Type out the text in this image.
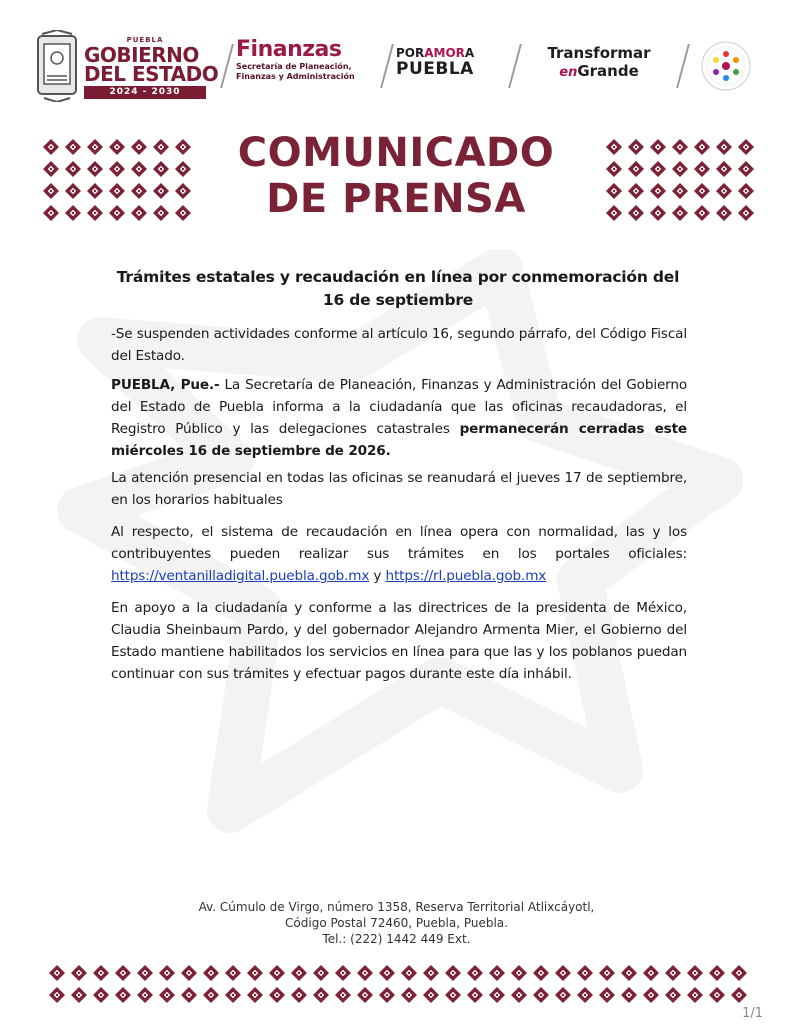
PUEBLA
GOBIERNO
DEL ESTADO
2024 - 2030
Finanzas
Secretaría de Planeación,
Finanzas y Administración
PORAMORA
PUEBLA
Transformar
enGrande
COMUNICADO
DE PRENSA
Trámites estatales y recaudación en línea por conmemoración del 16 de septiembre
-Se suspenden actividades conforme al artículo 16, segundo párrafo, del Código Fiscal del Estado.
PUEBLA, Pue.- La Secretaría de Planeación, Finanzas y Administración del Gobierno del Estado de Puebla informa a la ciudadanía que las oficinas recaudadoras, el Registro Público y las delegaciones catastrales permanecerán cerradas este miércoles 16 de septiembre de 2026.
La atención presencial en todas las oficinas se reanudará el jueves 17 de septiembre, en los horarios habituales
Al respecto, el sistema de recaudación en línea opera con normalidad, las y los contribuyentes pueden realizar sus trámites en los portales oficiales: https://ventanilladigital.puebla.gob.mx y https://rl.puebla.gob.mx
En apoyo a la ciudadanía y conforme a las directrices de la presidenta de México, Claudia Sheinbaum Pardo, y del gobernador Alejandro Armenta Mier, el Gobierno del Estado mantiene habilitados los servicios en línea para que las y los poblanos puedan continuar con sus trámites y efectuar pagos durante este día inhábil.
Av. Cúmulo de Virgo, número 1358, Reserva Territorial Atlixcáyotl,
Código Postal 72460, Puebla, Puebla.
Tel.: (222) 1442 449 Ext.
1/1
